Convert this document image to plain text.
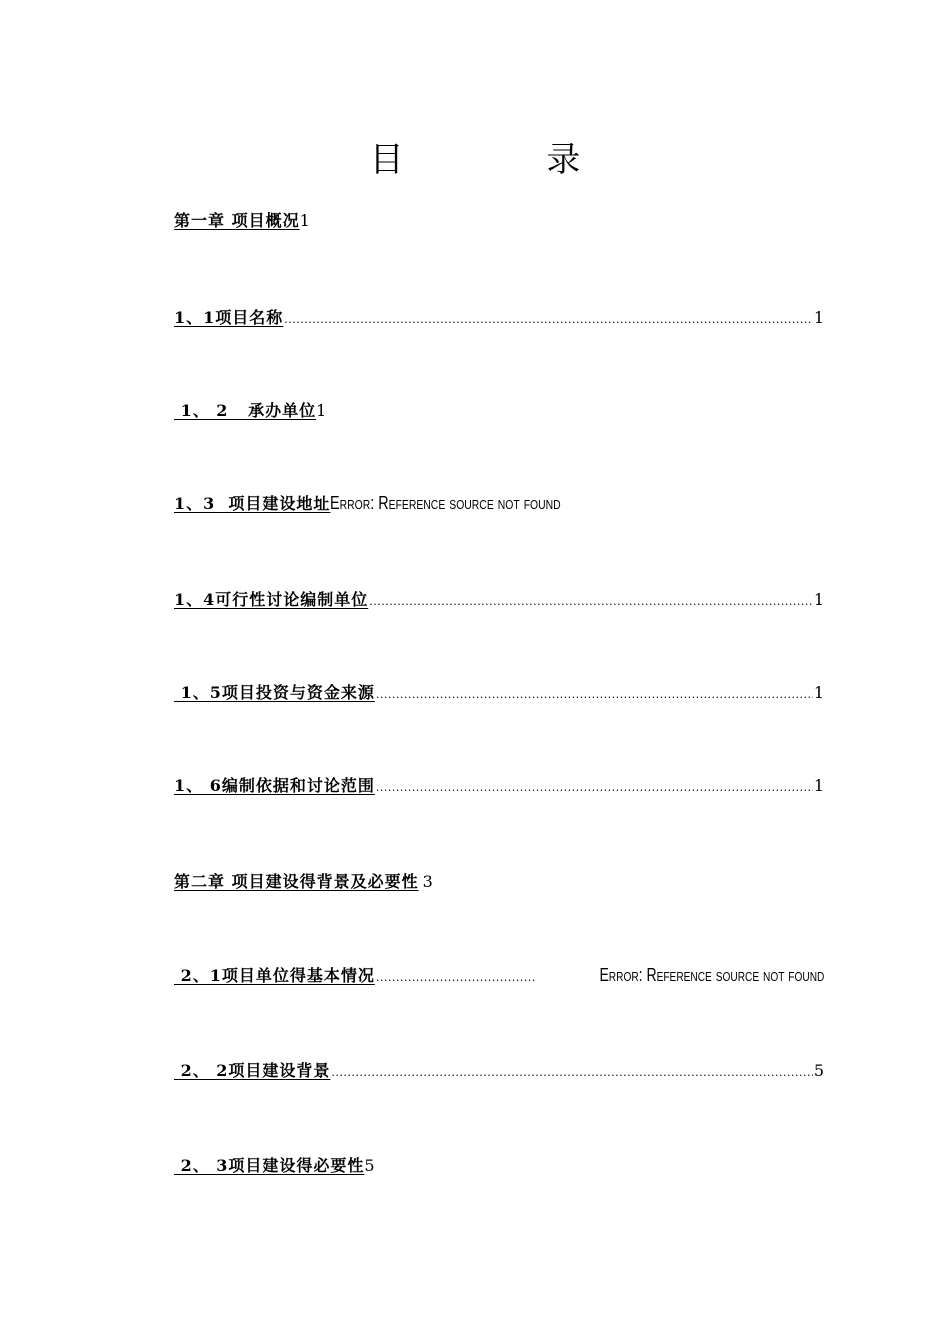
目 录
第一章 项目概况 1
1、1项目名称 .....	1
1、 2   承办单位 1
1、3  项目建设地址 Error: Reference source not found
1、4可行性讨论编制单位 .....	1
1、5项目投资与资金来源 .....	1
1、 6编制依据和讨论范围 .....	1
第二章 项目建设得背景及必要性 3
2、1项目单位得基本情况 .....	Error: Reference source not found
2、 2项目建设背景 .....	5
2、 3项目建设得必要性 5
